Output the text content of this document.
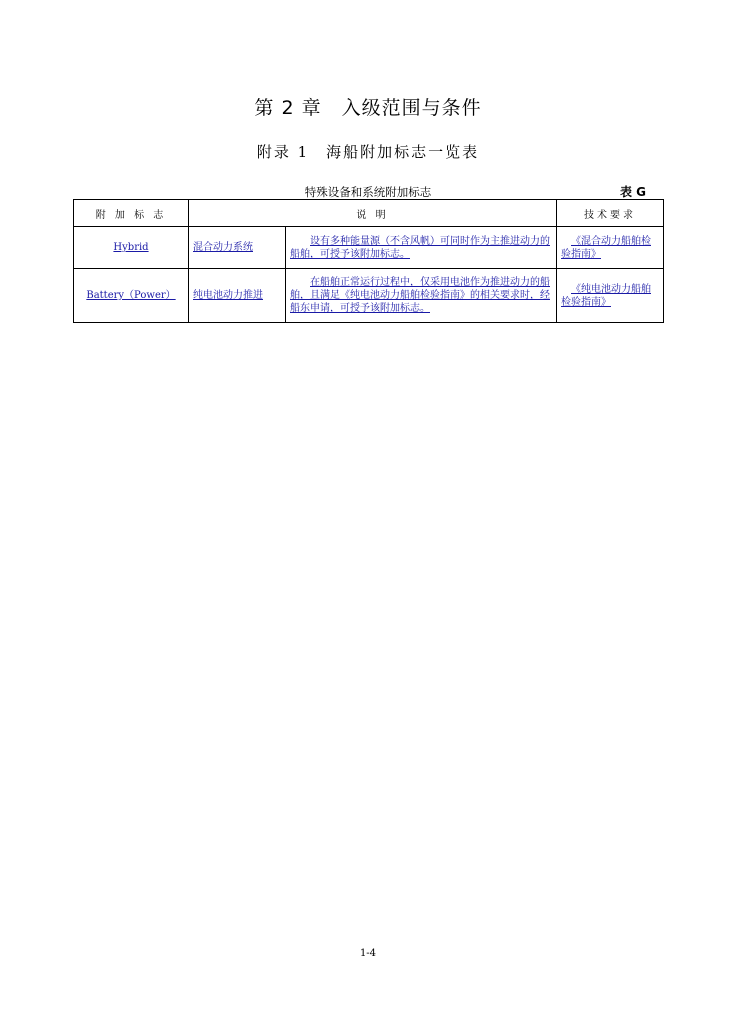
第 2 章　入级范围与条件
附录 1　海船附加标志一览表
特殊设备和系统附加标志	表 G
附 加 标 志	说 明		技术要求
Hybrid	混合动力系统	设有多种能量源（不含风帆）可同时作为主推进动力的船舶，可授予该附加标志。	《混合动力船舶检验指南》

Battery（Power）	纯电池动力推进	在船舶正常运行过程中，仅采用电池作为推进动力的船舶，且满足《纯电池动力船舶检验指南》的相关要求时，经船东申请，可授予该附加标志。	《纯电池动力船舶检验指南》
1-4
